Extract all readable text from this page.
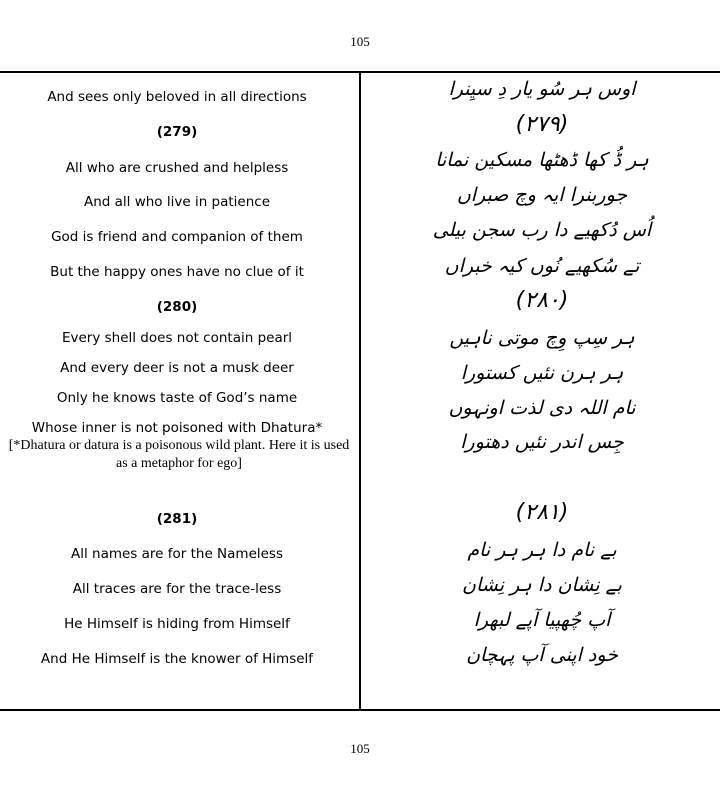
105
And sees only beloved in all directions
(279)
All who are crushed and helpless
And all who live in patience
God is friend and companion of them
But the happy ones have no clue of it
(280)
Every shell does not contain pearl
And every deer is not a musk deer
Only he knows taste of God’s name
Whose inner is not poisoned with Dhatura*
[*Dhatura or datura is a poisonous wild plant. Here it is used as a metaphor for ego]
(281)
All names are for the Nameless
All traces are for the trace-less
He Himself is hiding from Himself
And He Himself is the knower of Himself
اوس ہر سُو یار دِ سیِنرا
(۲۷۹)
ہر ڈُ کھا ڈھٹھا مسکین نمانا
جوربنرا ایہ وچ صبراں
اُس دُکھیے دا رب سجن بیلی
تے سُکھیے نُوں کیہ خبراں
(۲۸۰)
ہر سِپ وِچ موتی ناہیں
ہر ہرن نئیں کستورا
نام اللہ دی لذت اونہوں
جِس اندر نئیں دھتورا
(۲۸۱)
بے نام دا ہر ہر نام
بے نِشان دا ہر نِشان
آپ چُھپیا آپے لبھرا
خود اپنی آپ پہچان
105
